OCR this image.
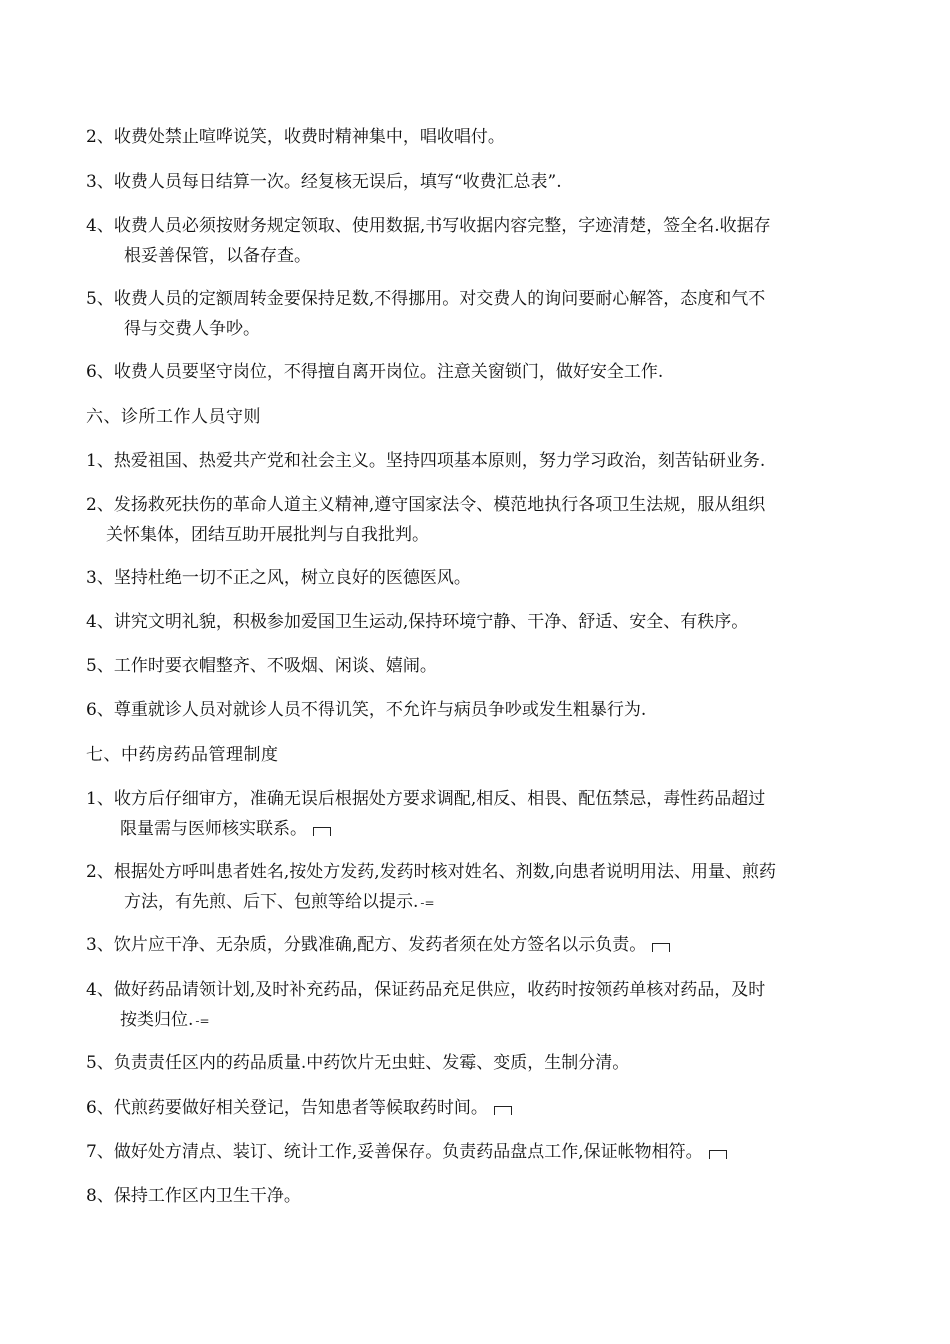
2、收费处禁止喧哗说笑，收费时精神集中，唱收唱付。
3、收费人员每日结算一次。经复核无误后，填写“收费汇总表”.
4、收费人员必须按财务规定领取、使用数据,书写收据内容完整，字迹清楚，签全名.收据存
根妥善保管，以备存查。
5、收费人员的定额周转金要保持足数,不得挪用。对交费人的询问要耐心解答，态度和气不
得与交费人争吵。
6、收费人员要坚守岗位，不得擅自离开岗位。注意关窗锁门，做好安全工作.
六、诊所工作人员守则
1、热爱祖国、热爱共产党和社会主义。坚持四项基本原则，努力学习政治，刻苦钻研业务.
2、发扬救死扶伤的革命人道主义精神,遵守国家法令、模范地执行各项卫生法规，服从组织
关怀集体，团结互助开展批判与自我批判。
3、坚持杜绝一切不正之风，树立良好的医德医风。
4、讲究文明礼貌，积极参加爱国卫生运动,保持环境宁静、干净、舒适、安全、有秩序。
5、工作时要衣帽整齐、不吸烟、闲谈、嬉闹。
6、尊重就诊人员对就诊人员不得讥笑，不允许与病员争吵或发生粗暴行为.
七、中药房药品管理制度
1、收方后仔细审方，准确无误后根据处方要求调配,相反、相畏、配伍禁忌，毒性药品超过
限量需与医师核实联系。
2、根据处方呼叫患者姓名,按处方发药,发药时核对姓名、剂数,向患者说明用法、用量、煎药
方法，有先煎、后下、包煎等给以提示. -=
3、饮片应干净、无杂质，分戥准确,配方、发药者须在处方签名以示负责。
4、做好药品请领计划,及时补充药品，保证药品充足供应，收药时按领药单核对药品，及时
按类归位. -=
5、负责责任区内的药品质量.中药饮片无虫蛀、发霉、变质，生制分清。
6、代煎药要做好相关登记，告知患者等候取药时间。
7、做好处方清点、装订、统计工作,妥善保存。负责药品盘点工作,保证帐物相符。
8、保持工作区内卫生干净。
